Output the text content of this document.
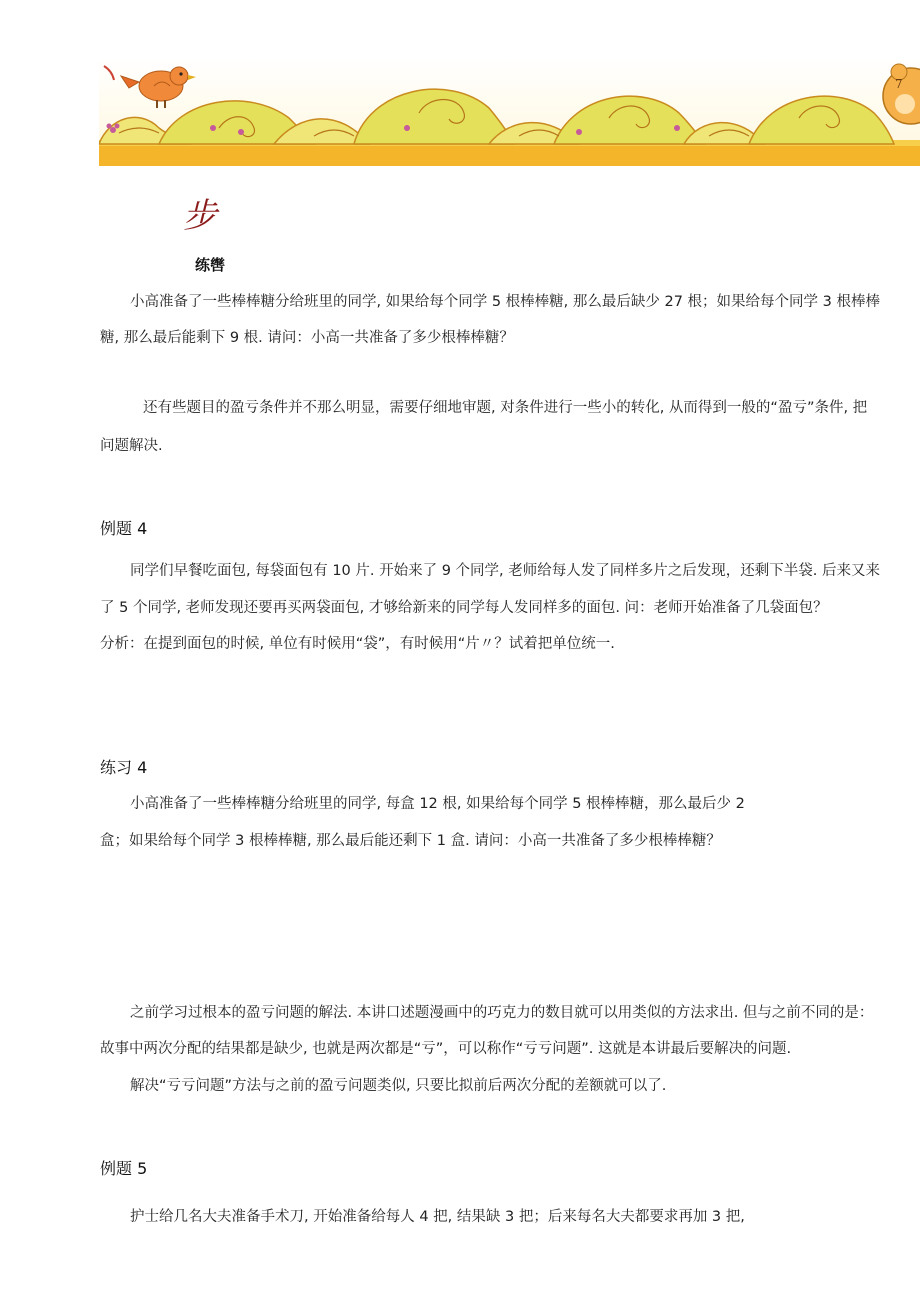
7
步
练辔
小高准备了一些棒棒糖分给班里的同学, 如果给每个同学 5 根棒棒糖, 那么最后缺少 27 根；如果给每个同学 3 根棒棒
糖, 那么最后能剩下 9 根. 请问：小高一共准备了多少根棒棒糖？
还有些题目的盈亏条件并不那么明显，需要仔细地审题, 对条件进行一些小的转化, 从而得到一般的“盈亏”条件, 把
问题解决.
例题 4
同学们早餐吃面包, 每袋面包有 10 片. 开始来了 9 个同学, 老师给每人发了同样多片之后发现，还剩下半袋. 后来又来
了 5 个同学, 老师发现还要再买两袋面包, 才够给新来的同学每人发同样多的面包. 问：老师开始准备了几袋面包？
分析：在提到面包的时候, 单位有时候用“袋”，有时候用“片〃？试着把单位统一.
练习 4
小高准备了一些棒棒糖分给班里的同学, 每盒 12 根, 如果给每个同学 5 根棒棒糖，那么最后少 2
盒；如果给每个同学 3 根棒棒糖, 那么最后能还剩下 1 盒. 请问：小高一共准备了多少根棒棒糖？
之前学习过根本的盈亏问题的解法. 本讲口述题漫画中的巧克力的数目就可以用类似的方法求出. 但与之前不同的是：
故事中两次分配的结果都是缺少, 也就是两次都是“亏”，可以称作“亏亏问题”. 这就是本讲最后要解决的问题.
解决“亏亏问题”方法与之前的盈亏问题类似, 只要比拟前后两次分配的差额就可以了.
例题 5
护士给几名大夫准备手术刀, 开始准备给每人 4 把, 结果缺 3 把；后来每名大夫都要求再加 3 把,
